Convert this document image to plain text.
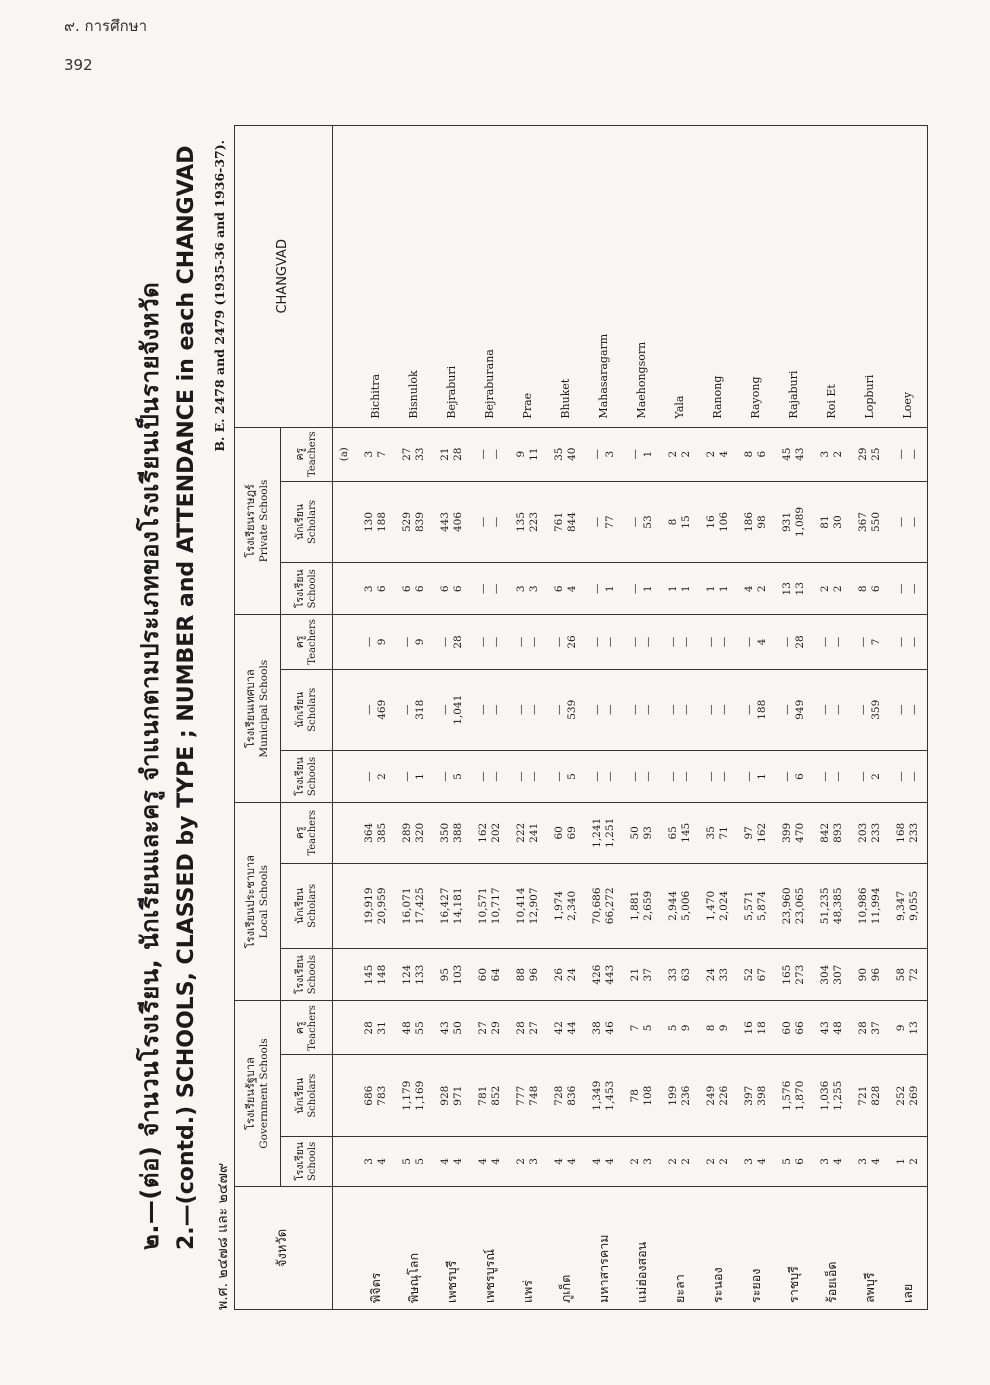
๙. การศึกษา
392
๒.—(ต่อ) จำนวนโรงเรียน, นักเรียนและครู จำแนกตามประเภทของโรงเรียนเป็นรายจังหวัด 2.—(contd.) SCHOOLS, CLASSED by TYPE ; NUMBER and ATTENDANCE in each CHANGVAD พ.ศ. ๒๔๗๘ และ ๒๔๗๙
B. E. 2478 and 2479 (1935-36 and 1936-37).
จังหวัด	โรงเรียนรัฐบาล Government Schools			โรงเรียนประชาบาล Local Schools			โรงเรียนเทศบาล Municipal Schools			โรงเรียนราษฎร์ Private Schools			CHANGVAD

	โรงเรียน Schools	นักเรียน Scholars	ครู Teachers	โรงเรียน Schools	นักเรียน Scholars	ครู Teachers	โรงเรียน Schools	นักเรียน Scholars	ครู Teachers	โรงเรียน Schools	นักเรียน Scholars	ครู Teachers	

												(a)	
พิจิตร	3 4	686 783	28 31	145 148	19,919 20,959	364 385	— 2	— 469	— 9	3 6	130 188	3 7	Bichitra
พิษณุโลก	5 5	1,179 1,169	48 55	124 133	16,071 17,425	289 320	— 1	— 318	— 9	6 6	529 839	27 33	Bisnulok
เพชรบุรี	4 4	928 971	43 50	95 103	16,427 14,181	350 388	— 5	— 1,041	— 28	6 6	443 406	21 28	Bejraburi
เพชรบูรณ์	4 4	781 852	27 29	60 64	10,571 10,717	162 202	— —	— —	— —	— —	— —	— —	Bejraburana
แพร่	2 3	777 748	28 27	88 96	10,414 12,907	222 241	— —	— —	— —	3 3	135 223	9 11	Prae
ภูเก็ต	4 4	728 836	42 44	26 24	1,974 2,340	60 69	— 5	— 539	— 26	6 4	761 844	35 40	Bhuket
มหาสารคาม	4 4	1,349 1,453	38 46	426 443	70,686 66,272	1,241 1,251	— —	— —	— —	— 1	— 77	— 3	Mahasaragarm
แม่ฮ่องสอน	2 3	78 108	7 5	21 37	1,881 2,659	50 93	— —	— —	— —	— 1	— 53	— 1	Maehongsorn
ยะลา	2 2	199 236	5 9	33 63	2,944 5,006	65 145	— —	— —	— —	1 1	8 15	2 2	Yala
ระนอง	2 2	249 226	8 9	24 33	1,470 2,024	35 71	— —	— —	— —	1 1	16 106	2 4	Ranong
ระยอง	3 4	397 398	16 18	52 67	5,571 5,874	97 162	— 1	— 188	— 4	4 2	186 98	8 6	Rayong
ราชบุรี	5 6	1,576 1,870	60 66	165 273	23,960 23,065	399 470	— 6	— 949	— 28	13 13	931 1,089	45 43	Rajaburi
ร้อยเอ็ด	3 4	1,036 1,255	43 48	304 307	51,235 48,385	842 893	— —	— —	— —	2 2	81 30	3 2	Roi Et
ลพบุรี	3 4	721 828	28 37	90 96	10,986 11,994	203 233	— 2	— 359	— 7	8 6	367 550	29 25	Lopburi
เลย	1 2	252 269	9 13	58 72	9,347 9,055	168 233	— —	— —	— —	— —	— —	— —	Loey
